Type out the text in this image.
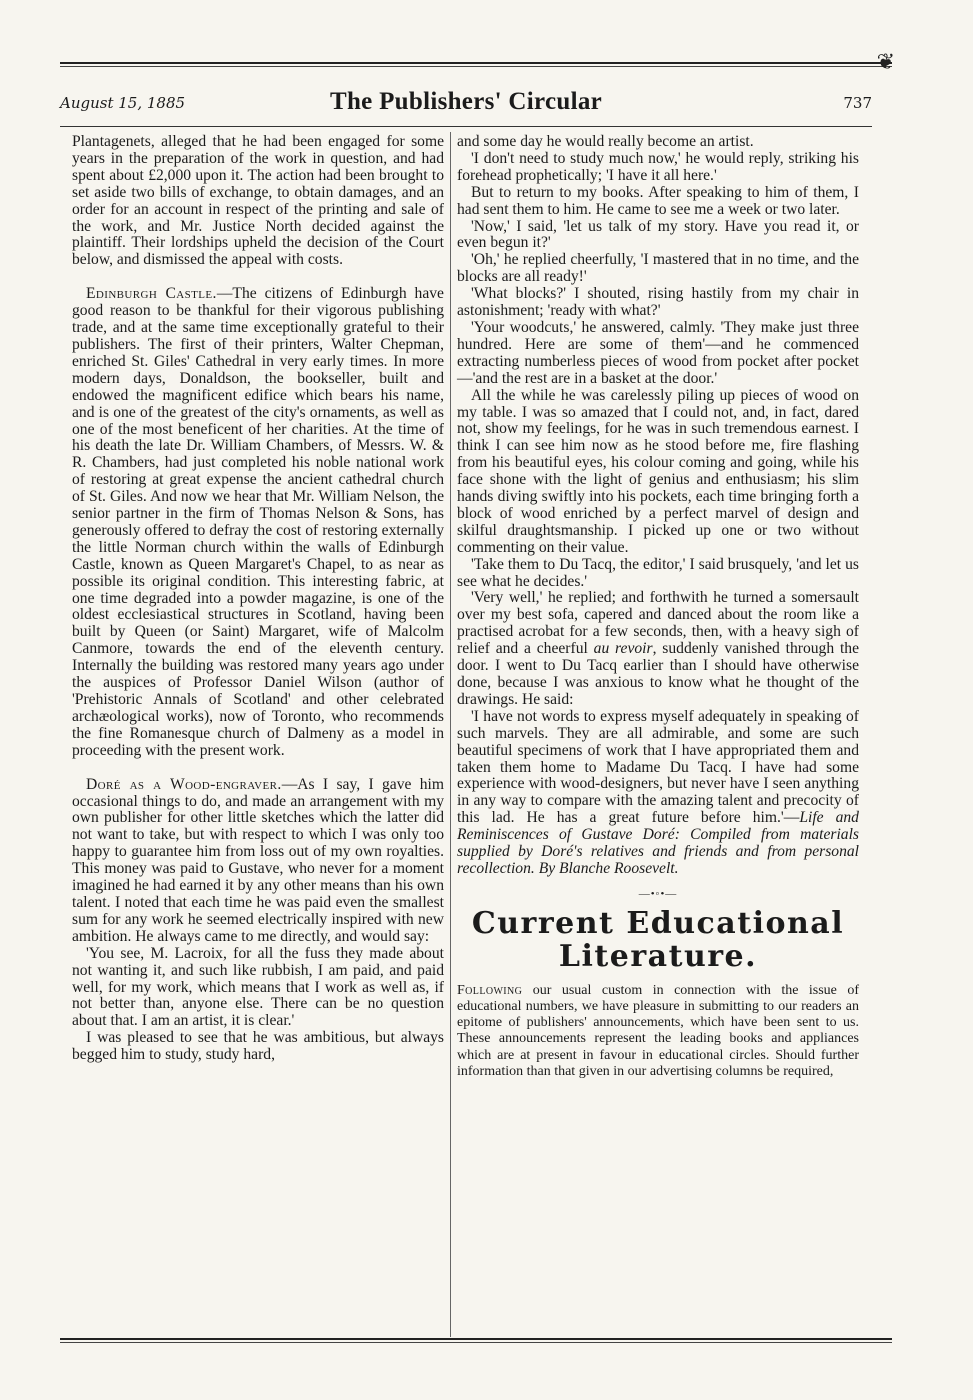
❦
August 15, 1885	The Publishers' Circular	737

Plantagenets, alleged that he had been engaged for some years in the preparation of the work in question, and had spent about £2,000 upon it. The action had been brought to set aside two bills of exchange, to obtain damages, and an order for an account in respect of the printing and sale of the work, and Mr. Justice North decided against the plaintiff. Their lordships upheld the decision of the Court below, and dismissed the appeal with costs.

Edinburgh Castle.—The citizens of Edinburgh have good reason to be thankful for their vigorous publishing trade, and at the same time exceptionally grateful to their publishers. The first of their printers, Walter Chepman, enriched St. Giles' Cathedral in very early times. In more modern days, Donaldson, the bookseller, built and endowed the magnificent edifice which bears his name, and is one of the greatest of the city's ornaments, as well as one of the most beneficent of her charities. At the time of his death the late Dr. William Chambers, of Messrs. W. & R. Chambers, had just completed his noble national work of restoring at great expense the ancient cathedral church of St. Giles. And now we hear that Mr. William Nelson, the senior partner in the firm of Thomas Nelson & Sons, has generously offered to defray the cost of restoring externally the little Norman church within the walls of Edinburgh Castle, known as Queen Margaret's Chapel, to as near as possible its original condition. This interesting fabric, at one time degraded into a powder magazine, is one of the oldest ecclesiastical structures in Scotland, having been built by Queen (or Saint) Margaret, wife of Malcolm Canmore, towards the end of the eleventh century. Internally the building was restored many years ago under the auspices of Professor Daniel Wilson (author of 'Prehistoric Annals of Scotland' and other celebrated archæological works), now of Toronto, who recommends the fine Romanesque church of Dalmeny as a model in proceeding with the present work.

Doré as a Wood-engraver.—As I say, I gave him occasional things to do, and made an arrangement with my own publisher for other little sketches which the latter did not want to take, but with respect to which I was only too happy to guarantee him from loss out of my own royalties. This money was paid to Gustave, who never for a moment imagined he had earned it by any other means than his own talent. I noted that each time he was paid even the smallest sum for any work he seemed electrically inspired with new ambition. He always came to me directly, and would say:

'You see, M. Lacroix, for all the fuss they made about not wanting it, and such like rubbish, I am paid, and paid well, for my work, which means that I work as well as, if not better than, anyone else. There can be no question about that. I am an artist, it is clear.'

I was pleased to see that he was ambitious, but always begged him to study, study hard,

and some day he would really become an artist.

'I don't need to study much now,' he would reply, striking his forehead prophetically; 'I have it all here.'

But to return to my books. After speaking to him of them, I had sent them to him. He came to see me a week or two later.

'Now,' I said, 'let us talk of my story. Have you read it, or even begun it?'

'Oh,' he replied cheerfully, 'I mastered that in no time, and the blocks are all ready!'

'What blocks?' I shouted, rising hastily from my chair in astonishment; 'ready with what?'

'Your woodcuts,' he answered, calmly. 'They make just three hundred. Here are some of them'—and he commenced extracting numberless pieces of wood from pocket after pocket—'and the rest are in a basket at the door.'

All the while he was carelessly piling up pieces of wood on my table. I was so amazed that I could not, and, in fact, dared not, show my feelings, for he was in such tremendous earnest. I think I can see him now as he stood before me, fire flashing from his beautiful eyes, his colour coming and going, while his face shone with the light of genius and enthusiasm; his slim hands diving swiftly into his pockets, each time bringing forth a block of wood enriched by a perfect marvel of design and skilful draughtsmanship. I picked up one or two without commenting on their value.

'Take them to Du Tacq, the editor,' I said brusquely, 'and let us see what he decides.'

'Very well,' he replied; and forthwith he turned a somersault over my best sofa, capered and danced about the room like a practised acrobat for a few seconds, then, with a heavy sigh of relief and a cheerful au revoir, suddenly vanished through the door. I went to Du Tacq earlier than I should have otherwise done, because I was anxious to know what he thought of the drawings. He said:

'I have not words to express myself adequately in speaking of such marvels. They are all admirable, and some are such beautiful specimens of work that I have appropriated them and taken them home to Madame Du Tacq. I have had some experience with wood-designers, but never have I seen anything in any way to compare with the amazing talent and precocity of this lad. He has a great future before him.'—Life and Reminiscences of Gustave Doré: Compiled from materials supplied by Doré's relatives and friends and from personal recollection. By Blanche Roosevelt.

—•◦•—
Current Educational
Literature.

Following our usual custom in connection with the issue of educational numbers, we have pleasure in submitting to our readers an epitome of publishers' announcements, which have been sent to us. These announcements represent the leading books and appliances which are at present in favour in educational circles. Should further information than that given in our advertising columns be required,
